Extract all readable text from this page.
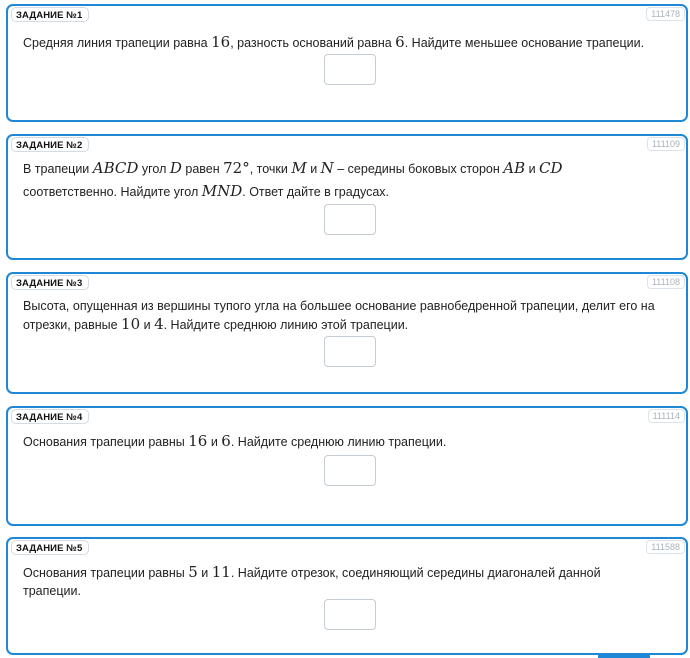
ЗАДАНИЕ №1	111478
Средняя линия трапеции равна 16, разность оснований равна 6. Найдите меньшее основание трапеции.
ЗАДАНИЕ №2	111109
В трапеции ABCD угол D равен 72°, точки M и N – середины боковых сторон AB и CD
соответственно. Найдите угол MND. Ответ дайте в градусах.
ЗАДАНИЕ №3	111108
Высота, опущенная из вершины тупого угла на большее основание равнобедренной трапеции, делит его на
отрезки, равные 10 и 4. Найдите среднюю линию этой трапеции.
ЗАДАНИЕ №4	111114
Основания трапеции равны 16 и 6. Найдите среднюю линию трапеции.
ЗАДАНИЕ №5	111588
Основания трапеции равны 5 и 11. Найдите отрезок, соединяющий середины диагоналей данной
трапеции.
